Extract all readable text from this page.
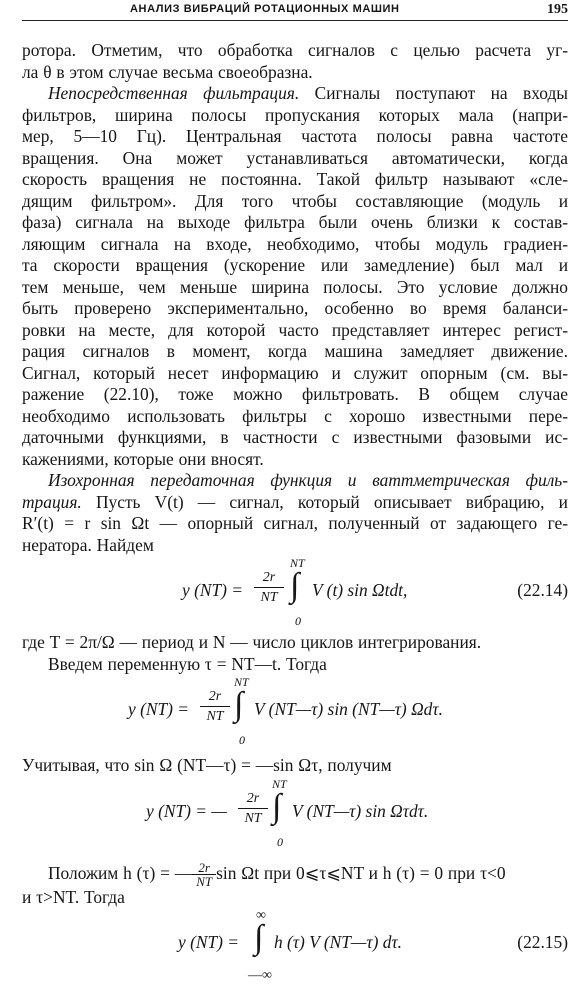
АНАЛИЗ ВИБРАЦИЙ РОТАЦИОННЫХ МАШИН	195
ротора. Отметим, что обработка сигналов с целью расчета уг-
ла θ в этом случае весьма своеобразна.
Непосредственная фильтрация. Сигналы поступают на входы
фильтров, ширина полосы пропускания которых мала (напри-
мер, 5—10 Гц). Центральная частота полосы равна частоте
вращения. Она может устанавливаться автоматически, когда
скорость вращения не постоянна. Такой фильтр называют «сле-
дящим фильтром». Для того чтобы составляющие (модуль и
фаза) сигнала на выходе фильтра были очень близки к состав-
ляющим сигнала на входе, необходимо, чтобы модуль градиен-
та скорости вращения (ускорение или замедление) был мал и
тем меньше, чем меньше ширина полосы. Это условие должно
быть проверено экспериментально, особенно во время баланси-
ровки на месте, для которой часто представляет интерес регист-
рация сигналов в момент, когда машина замедляет движение.
Сигнал, который несет информацию и служит опорным (см. вы-
ражение (22.10), тоже можно фильтровать. В общем случае
необходимо использовать фильтры с хорошо известными пере-
даточными функциями, в частности с известными фазовыми ис-
кажениями, которые они вносят.
Изохронная передаточная функция и ваттметрическая филь-
трация. Пусть V(t) — сигнал, который описывает вибрацию, и
R′(t) = r sin Ωt — опорный сигнал, полученный от задающего ге-
нератора. Найдем
y (NT) =
2r
NT
NT
∫
0
V (t) sin Ωtdt,	(22.14)
где T = 2π/Ω — период и N — число циклов интегрирования.
Введем переменную τ = NT—t. Тогда
y (NT) =
2r
NT
NT
∫
0
V (NT—τ) sin (NT—τ) Ωdτ.
Учитывая, что sin Ω (NT—τ) = —sin Ωτ, получим
y (NT) = —
2r
NT
NT
∫
0
V (NT—τ) sin Ωτdτ.
Положим h (τ) = — $\frac{2r}{NT}$ sin Ωt при 0⩽τ⩽NT и h (τ) = 0 при τ<0
и τ>NT. Тогда
y (NT) =
∞
∫
—∞
h (τ) V (NT—τ) dτ.	(22.15)
